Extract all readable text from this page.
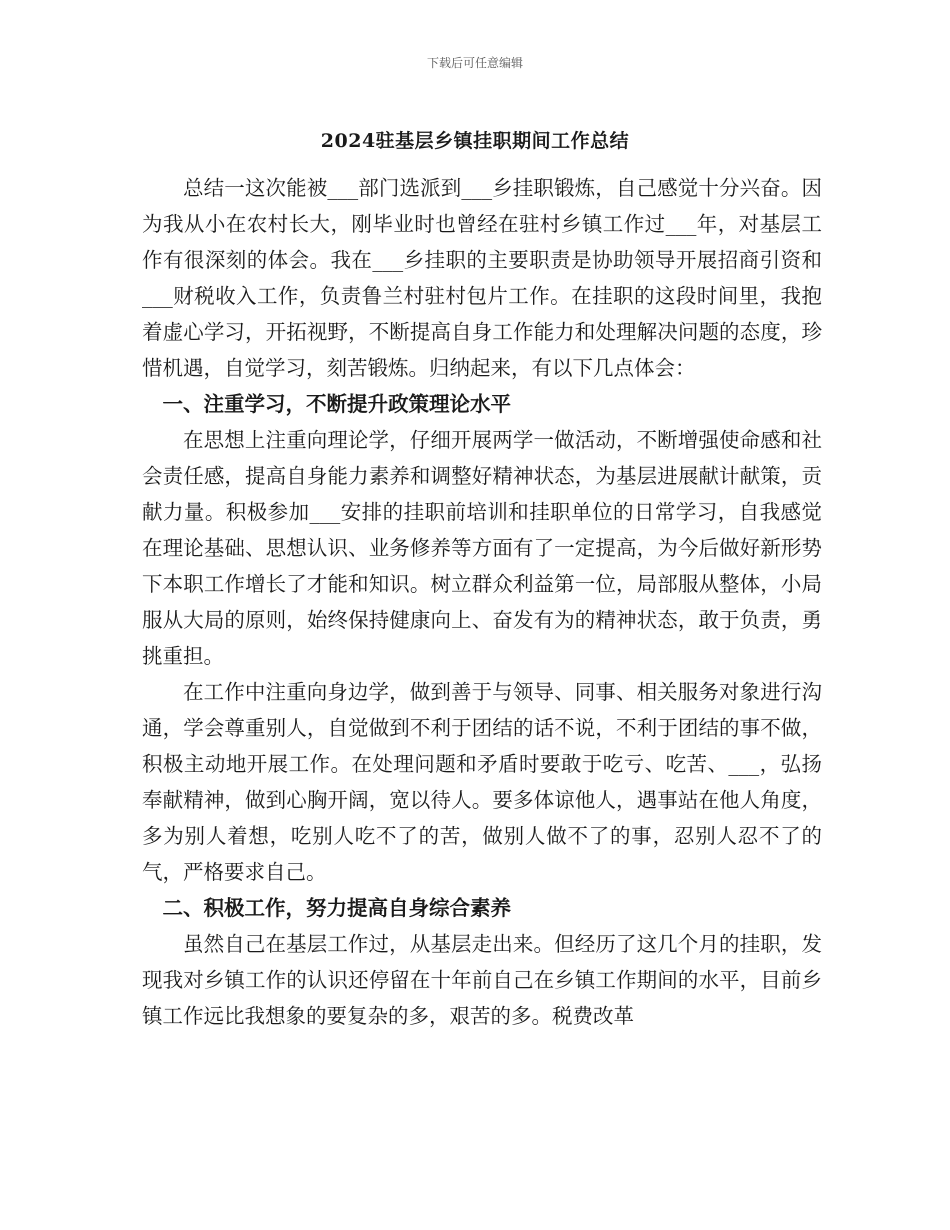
下载后可任意编辑
2024驻基层乡镇挂职期间工作总结

总结一这次能被___部门选派到___乡挂职锻炼，自己感觉十分兴奋。因为我从小在农村长大，刚毕业时也曾经在驻村乡镇工作过___年，对基层工作有很深刻的体会。我在___乡挂职的主要职责是协助领导开展招商引资和___财税收入工作，负责鲁兰村驻村包片工作。在挂职的这段时间里，我抱着虚心学习，开拓视野，不断提高自身工作能力和处理解决问题的态度，珍惜机遇，自觉学习，刻苦锻炼。归纳起来，有以下几点体会：

一、注重学习，不断提升政策理论水平

在思想上注重向理论学，仔细开展两学一做活动，不断增强使命感和社会责任感，提高自身能力素养和调整好精神状态，为基层进展献计献策，贡献力量。积极参加___安排的挂职前培训和挂职单位的日常学习，自我感觉在理论基础、思想认识、业务修养等方面有了一定提高，为今后做好新形势下本职工作增长了才能和知识。树立群众利益第一位，局部服从整体，小局服从大局的原则，始终保持健康向上、奋发有为的精神状态，敢于负责，勇挑重担。

在工作中注重向身边学，做到善于与领导、同事、相关服务对象进行沟通，学会尊重别人，自觉做到不利于团结的话不说，不利于团结的事不做，积极主动地开展工作。在处理问题和矛盾时要敢于吃亏、吃苦、___，弘扬奉献精神，做到心胸开阔，宽以待人。要多体谅他人，遇事站在他人角度，多为别人着想，吃别人吃不了的苦，做别人做不了的事，忍别人忍不了的气，严格要求自己。

二、积极工作，努力提高自身综合素养

虽然自己在基层工作过，从基层走出来。但经历了这几个月的挂职，发现我对乡镇工作的认识还停留在十年前自己在乡镇工作期间的水平，目前乡镇工作远比我想象的要复杂的多，艰苦的多。税费改革
